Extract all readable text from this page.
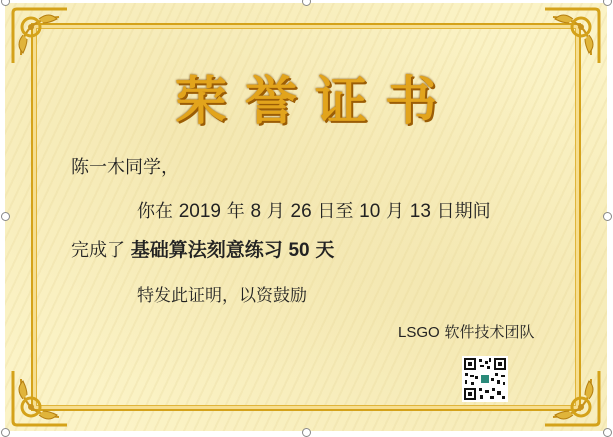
荣誉证书
陈一木同学，
你在 2019 年 8 月 26 日至 10 月 13 日期间
完成了 基础算法刻意练习 50 天
特发此证明，以资鼓励
LSGO 软件技术团队
